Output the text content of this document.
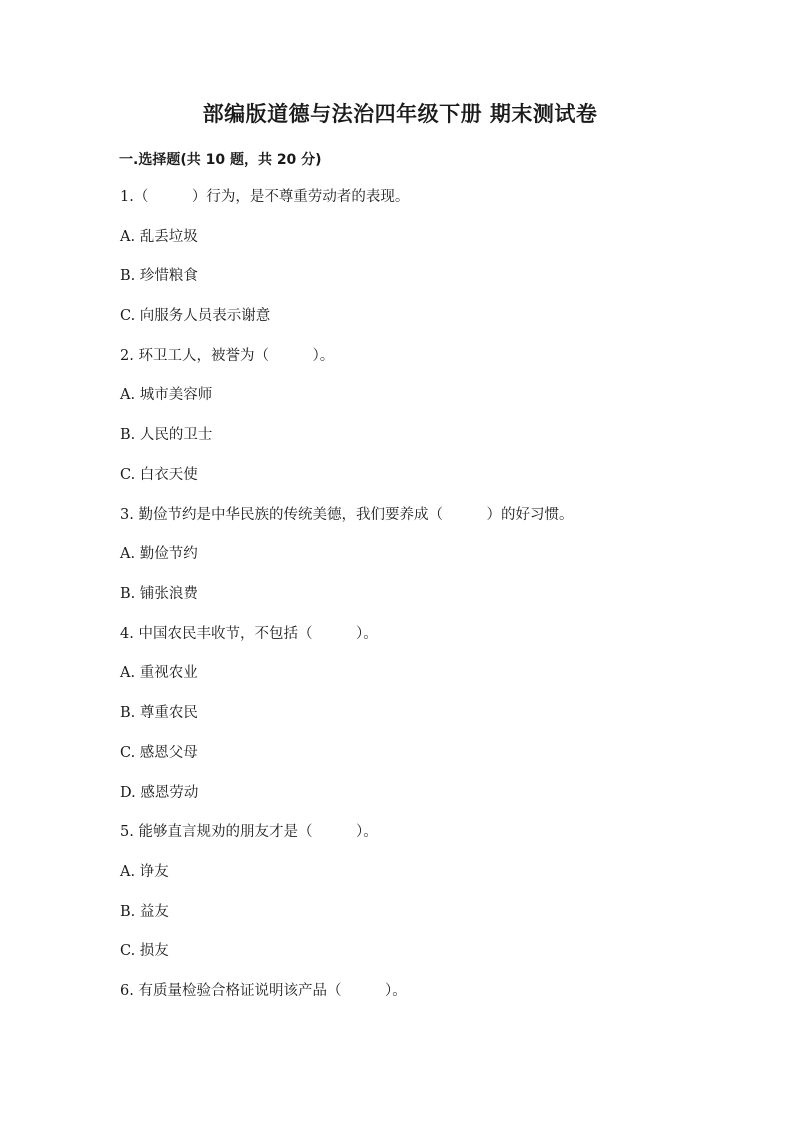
部编版道德与法治四年级下册 期末测试卷
一.选择题(共 10 题，共 20 分)
1.（　　　）行为，是不尊重劳动者的表现。
A. 乱丢垃圾
B. 珍惜粮食
C. 向服务人员表示谢意
2. 环卫工人，被誉为（　　　）。
A. 城市美容师
B. 人民的卫士
C. 白衣天使
3. 勤俭节约是中华民族的传统美德，我们要养成（　　　）的好习惯。
A. 勤俭节约
B. 铺张浪费
4. 中国农民丰收节，不包括（　　　）。
A. 重视农业
B. 尊重农民
C. 感恩父母
D. 感恩劳动
5. 能够直言规劝的朋友才是（　　　）。
A. 诤友
B. 益友
C. 损友
6. 有质量检验合格证说明该产品（　　　）。
